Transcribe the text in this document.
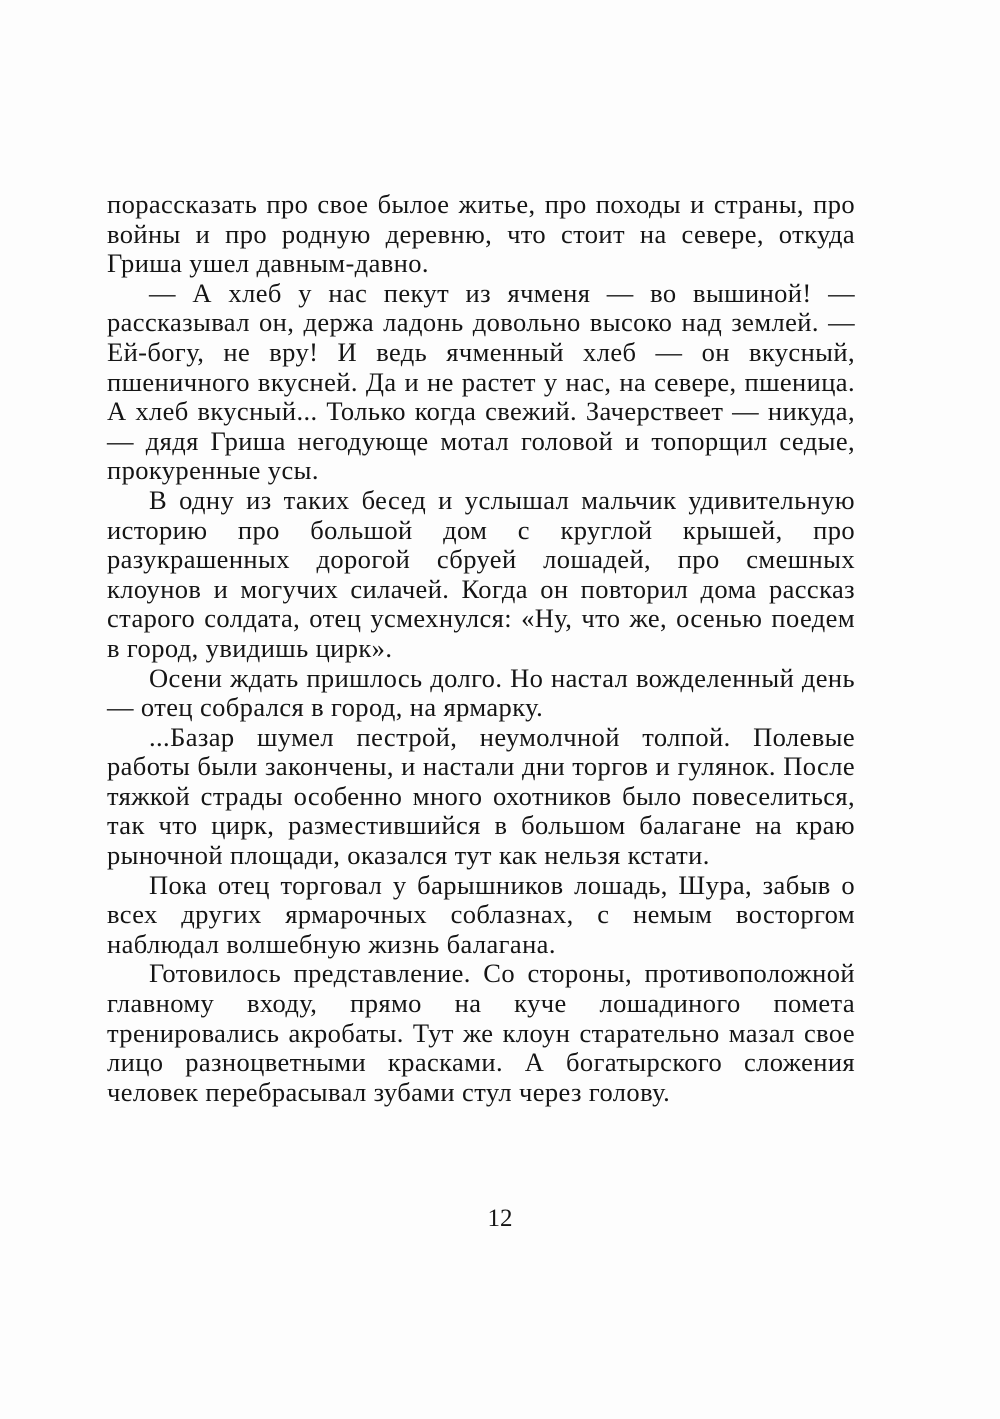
порассказать про свое былое житье, про походы и страны, про войны и про родную деревню, что стоит на севере, откуда Гриша ушел давным-давно.

— А хлеб у нас пекут из ячменя — во вышиной! — рассказывал он, держа ладонь довольно высоко над землей. — Ей-богу, не вру! И ведь ячменный хлеб — он вкусный, пшеничного вкусней. Да и не растет у нас, на севере, пшеница. А хлеб вкусный... Только когда свежий. Зачерствеет — никуда,— дядя Гриша негодующе мотал головой и топорщил седые, прокуренные усы.

В одну из таких бесед и услышал мальчик удивительную историю про большой дом с круглой крышей, про разукрашенных дорогой сбруей лошадей, про смешных клоунов и могучих силачей. Когда он повторил дома рассказ старого солдата, отец усмехнулся: «Ну, что же, осенью поедем в город, увидишь цирк».

Осени ждать пришлось долго. Но настал вожделенный день — отец собрался в город, на ярмарку.

...Базар шумел пестрой, неумолчной толпой. Полевые работы были закончены, и настали дни торгов и гулянок. После тяжкой страды особенно много охотников было повеселиться, так что цирк, разместившийся в большом балагане на краю рыночной площади, оказался тут как нельзя кстати.

Пока отец торговал у барышников лошадь, Шура, забыв о всех других ярмарочных соблазнах, с немым восторгом наблюдал волшебную жизнь балагана.

Готовилось представление. Со стороны, противоположной главному входу, прямо на куче лошадиного помета тренировались акробаты. Тут же клоун старательно мазал свое лицо разноцветными красками. А богатырского сложения человек перебрасывал зубами стул через голову.

12
